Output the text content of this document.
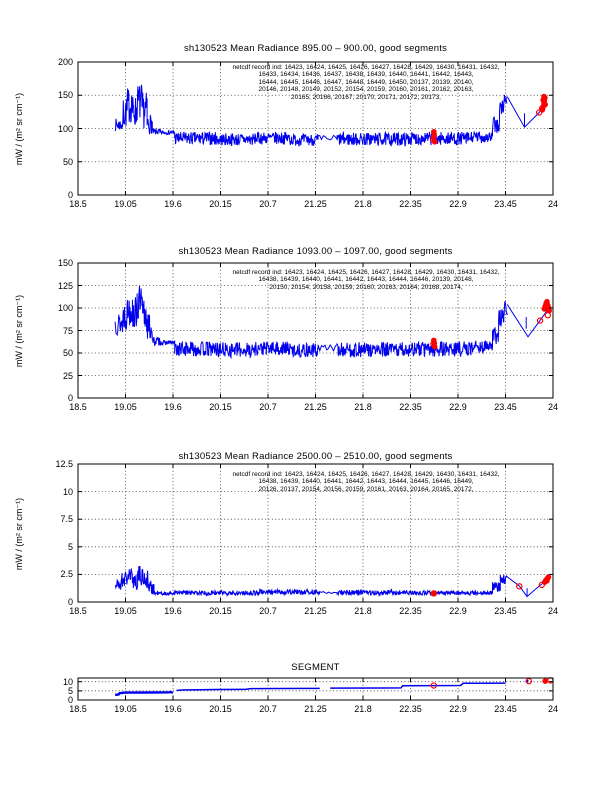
sh130523 Mean Radiance 895.00 – 900.00, good segments
sh130523 Mean Radiance 1093.00 – 1097.00, good segments
sh130523 Mean Radiance 2500.00 – 2510.00, good segments
SEGMENT
mW / (m² sr cm⁻¹)
mW / (m² sr cm⁻¹)
mW / (m² sr cm⁻¹)
netcdf record ind: 16423, 16424, 16425, 16426, 16427, 16428, 16429, 16430, 16431, 16432,
16433, 16434, 16436, 16437, 16438, 16439, 16440, 16441, 16442, 16443,
16444, 16445, 16446, 16447, 16448, 16449, 16450, 20137, 20139, 20140,
20146, 20148, 20149, 20152, 20154, 20159, 20160, 20161, 20162, 20163,
20165, 20166, 20167, 20170, 20171, 20172, 20173,
netcdf record ind: 16423, 16424, 16425, 16426, 16427, 16428, 16429, 16430, 16431, 16432,
16438, 16439, 16440, 16441, 16442, 16443, 16444, 16446, 20139, 20148,
20150, 20154, 20158, 20159, 20160, 20163, 20164, 20168, 20174,
netcdf record ind: 16423, 16424, 16425, 16426, 16427, 16428, 16429, 16430, 16431, 16432,
16438, 16439, 16440, 16441, 16442, 16443, 16444, 16445, 16446, 16449,
20126, 20137, 20154, 20156, 20159, 20161, 20163, 20164, 20165, 20172,
18.5	19.05	19.6	20.15	20.7	21.25	21.8	22.35	22.9	23.45	24
0
50
100
150
200
18.5	19.05	19.6	20.15	20.7	21.25	21.8	22.35	22.9	23.45	24
0
25
50
75
100
125
150
18.5	19.05	19.6	20.15	20.7	21.25	21.8	22.35	22.9	23.45	24
0
2.5
5
7.5
10
12.5
18.5	19.05	19.6	20.15	20.7	21.25	21.8	22.35	22.9	23.45	24
0
5
10
